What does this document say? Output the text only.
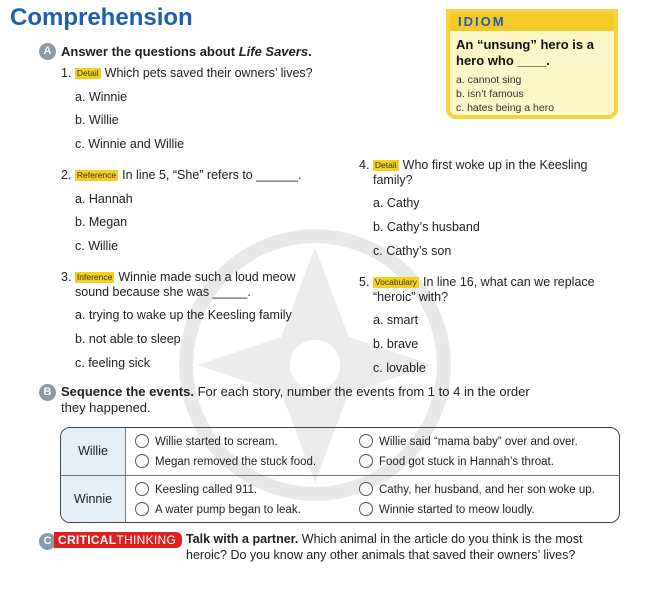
Comprehension	IDIOM
An “unsung” hero is a hero who ____.
a. cannot sing
b. isn’t famous
c. hates being a hero
A Answer the questions about Life Savers.
1. Detail Which pets saved their owners’ lives?
a. Winnie
b. Willie
c. Winnie and Willie
2. Reference In line 5, “She” refers to ______.
a. Hannah
b. Megan
c. Willie
3. Inference Winnie made such a loud meow
sound because she was _____.
a. trying to wake up the Keesling family
b. not able to sleep
c. feeling sick
4. Detail Who first woke up in the Keesling
family?
a. Cathy
b. Cathy’s husband
c. Cathy’s son
5. Vocabulary In line 16, what can we replace
“heroic” with?
a. smart
b. brave
c. lovable
B Sequence the events. For each story, number the events from 1 to 4 in the order
they happened.
Willie
Willie started to scream.
Megan removed the stuck food.
Willie said “mama baby” over and over.
Food got stuck in Hannah’s throat.
Winnie
Keesling called 911.
A water pump began to leak.
Cathy, her husband, and her son woke up.
Winnie started to meow loudly.
C CRITICALTHINKING Talk with a partner. Which animal in the article do you think is the most
heroic? Do you know any other animals that saved their owners’ lives?
